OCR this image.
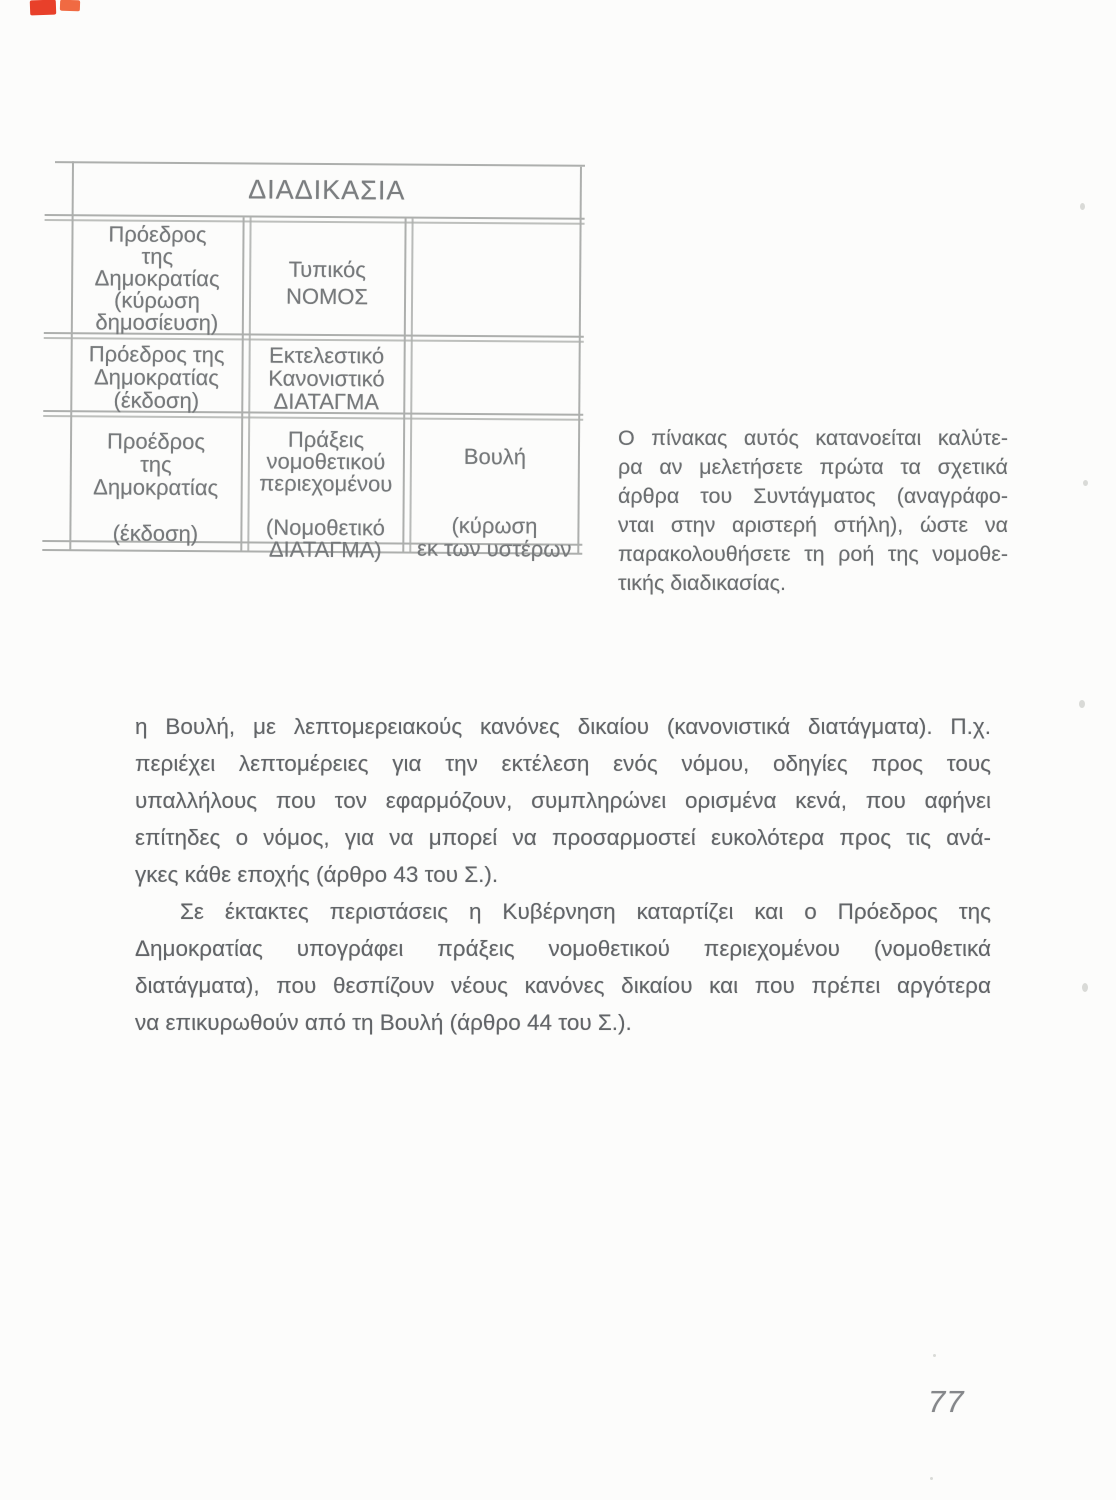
ΔΙΑΔΙΚΑΣΙΑ
Πρόεδρος
της
Δημοκρατίας
(κύρωση
δημοσίευση)
Τυπικός
ΝΟΜΟΣ
Πρόεδρος της
Δημοκρατίας
(έκδοση)
Εκτελεστικό
Κανονιστικό
ΔΙΑΤΑΓΜΑ
Προέδρος
της
Δημοκρατίας

(έκδοση)
Πράξεις
νομοθετικού
περιεχομένου

(Νομοθετικό
ΔΙΑΤΑΓΜΑ)
Βουλή

(κύρωση
εκ των υστέρων
Ο πίνακας αυτός κατανοείται καλύτε-
ρα αν μελετήσετε πρώτα τα σχετικά
άρθρα του Συντάγματος (αναγράφο-
νται στην αριστερή στήλη), ώστε να
παρακολουθήσετε τη ροή της νομοθε-
τικής διαδικασίας.
η Βουλή, με λεπτομερειακούς κανόνες δικαίου (κανονιστικά διατάγματα). Π.χ.
περιέχει λεπτομέρειες για την εκτέλεση ενός νόμου, οδηγίες προς τους
υπαλλήλους που τον εφαρμόζουν, συμπληρώνει ορισμένα κενά, που αφήνει
επίτηδες ο νόμος, για να μπορεί να προσαρμοστεί ευκολότερα προς τις ανά-
γκες κάθε εποχής (άρθρο 43 του Σ.).
Σε έκτακτες περιστάσεις η Κυβέρνηση καταρτίζει και ο Πρόεδρος της
Δημοκρατίας υπογράφει πράξεις νομοθετικού περιεχομένου (νομοθετικά
διατάγματα), που θεσπίζουν νέους κανόνες δικαίου και που πρέπει αργότερα
να επικυρωθούν από τη Βουλή (άρθρο 44 του Σ.).
77
